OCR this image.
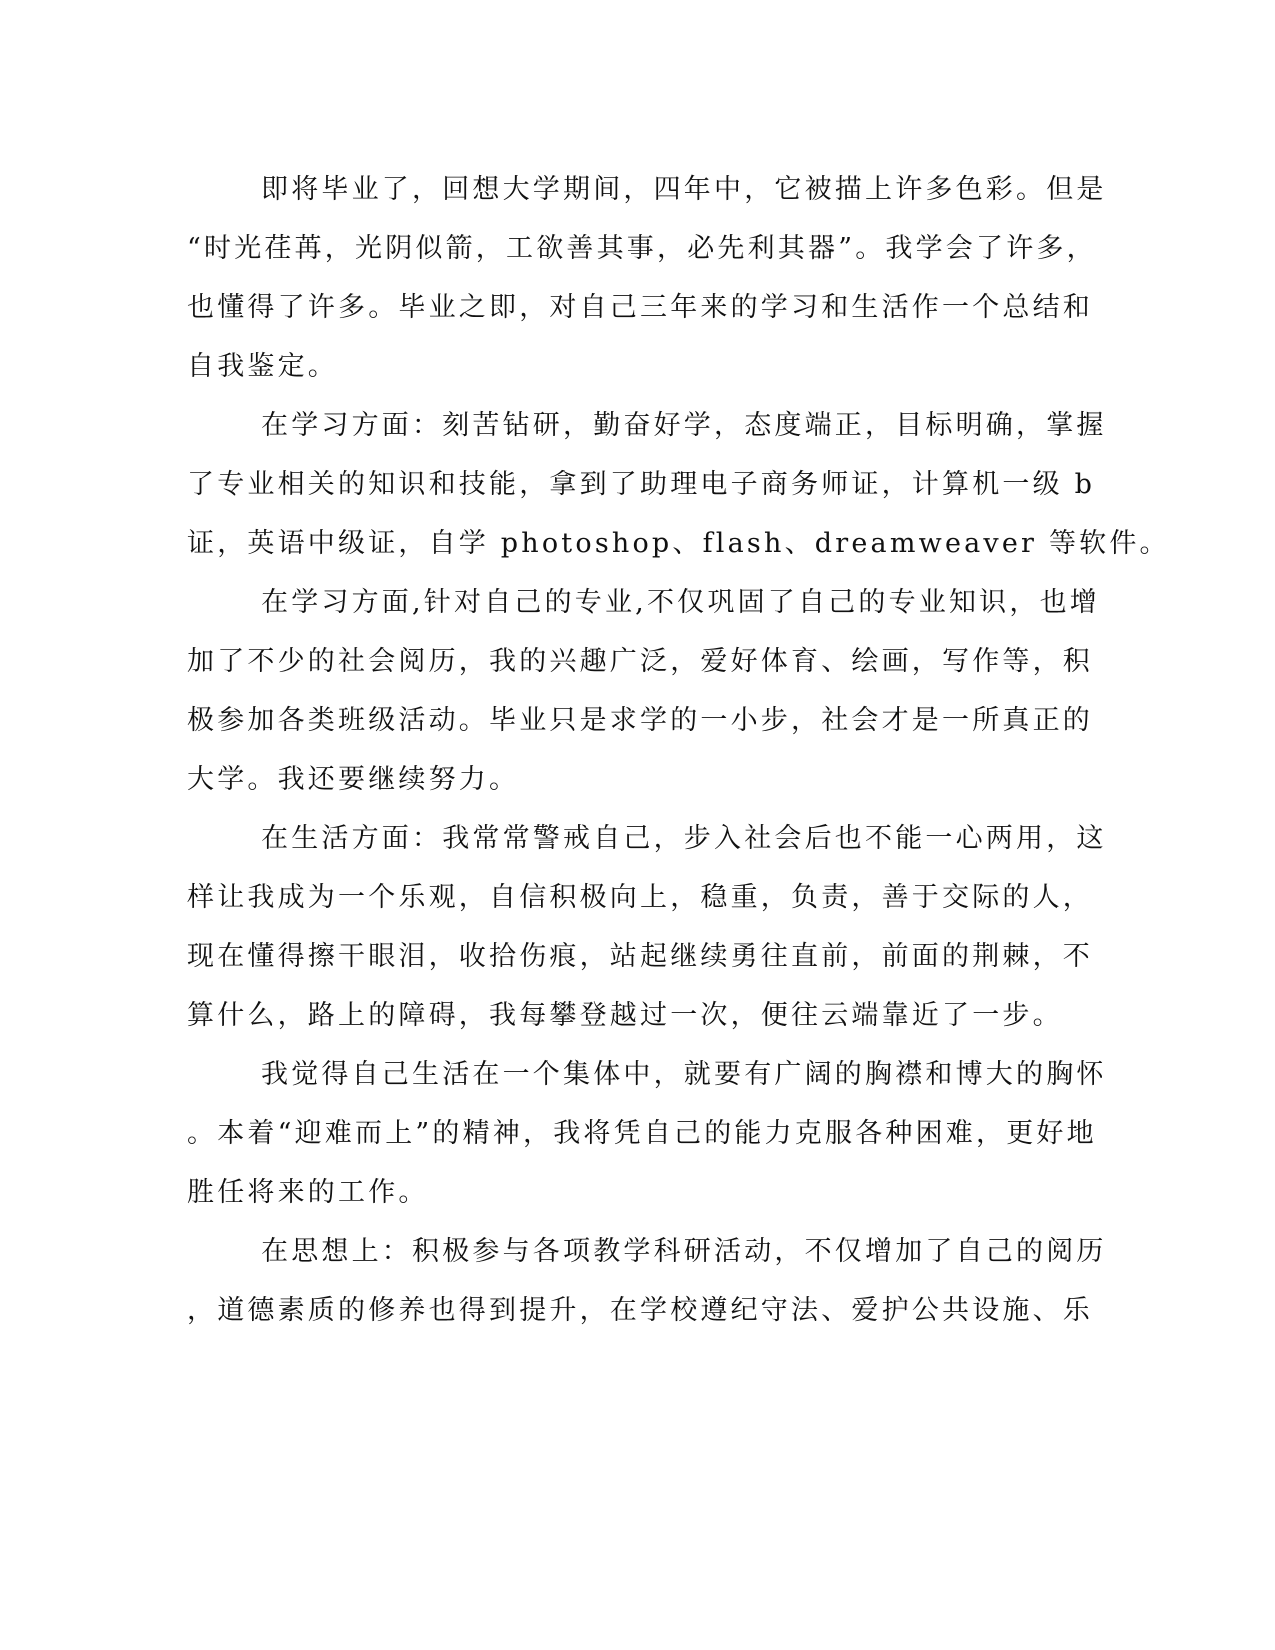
即将毕业了，回想大学期间，四年中，它被描上许多色彩。但是
“时光荏苒，光阴似箭，工欲善其事，必先利其器”。我学会了许多，
也懂得了许多。毕业之即，对自己三年来的学习和生活作一个总结和
自我鉴定。
在学习方面：刻苦钻研，勤奋好学，态度端正，目标明确，掌握
了专业相关的知识和技能，拿到了助理电子商务师证，计算机一级 b
证，英语中级证，自学 photoshop、flash、dreamweaver 等软件。
在学习方面,针对自己的专业,不仅巩固了自己的专业知识，也增
加了不少的社会阅历，我的兴趣广泛，爱好体育、绘画，写作等，积
极参加各类班级活动。毕业只是求学的一小步，社会才是一所真正的
大学。我还要继续努力。
在生活方面：我常常警戒自己，步入社会后也不能一心两用，这
样让我成为一个乐观，自信积极向上，稳重，负责，善于交际的人，
现在懂得擦干眼泪，收拾伤痕，站起继续勇往直前，前面的荆棘，不
算什么，路上的障碍，我每攀登越过一次，便往云端靠近了一步。
我觉得自己生活在一个集体中，就要有广阔的胸襟和博大的胸怀
。本着“迎难而上”的精神，我将凭自己的能力克服各种困难，更好地
胜任将来的工作。
在思想上：积极参与各项教学科研活动，不仅增加了自己的阅历
，道德素质的修养也得到提升，在学校遵纪守法、爱护公共设施、乐
